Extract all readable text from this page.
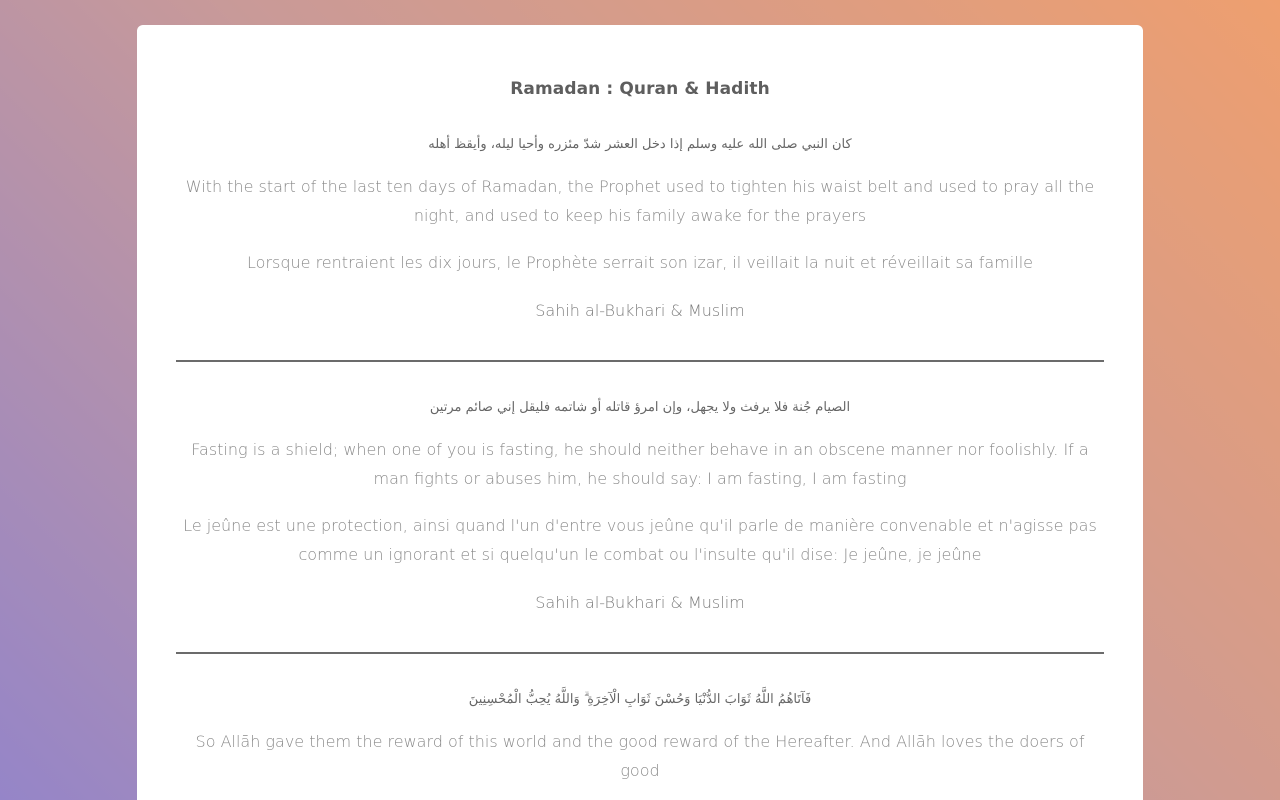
Ramadan : Quran & Hadith

كان النبي صلى الله عليه وسلم إذا دخل العشر شدّ مئزره وأحيا ليله، وأيقظ أهله

With the start of the last ten days of Ramadan, the Prophet used to tighten his waist belt and used to pray all the night, and used to keep his family awake for the prayers

Lorsque rentraient les dix jours, le Prophète serrait son izar, il veillait la nuit et réveillait sa famille

Sahih al-Bukhari & Muslim

الصيام جُنة فلا يرفث ولا يجهل، وإن امرؤ قاتله أو شاتمه فليقل إني صائم مرتين

Fasting is a shield; when one of you is fasting, he should neither behave in an obscene manner nor foolishly. If a man fights or abuses him, he should say: I am fasting, I am fasting

Le jeûne est une protection, ainsi quand l'un d'entre vous jeûne qu'il parle de manière convenable et n'agisse pas comme un ignorant et si quelqu'un le combat ou l'insulte qu'il dise: Je jeûne, je jeûne

Sahih al-Bukhari & Muslim

فَآتَاهُمُ اللَّهُ ثَوَابَ الدُّنْيَا وَحُسْنَ ثَوَابِ الْآخِرَةِ ۗ وَاللَّهُ يُحِبُّ الْمُحْسِنِينَ

So Allāh gave them the reward of this world and the good reward of the Hereafter. And Allāh loves the doers of good
